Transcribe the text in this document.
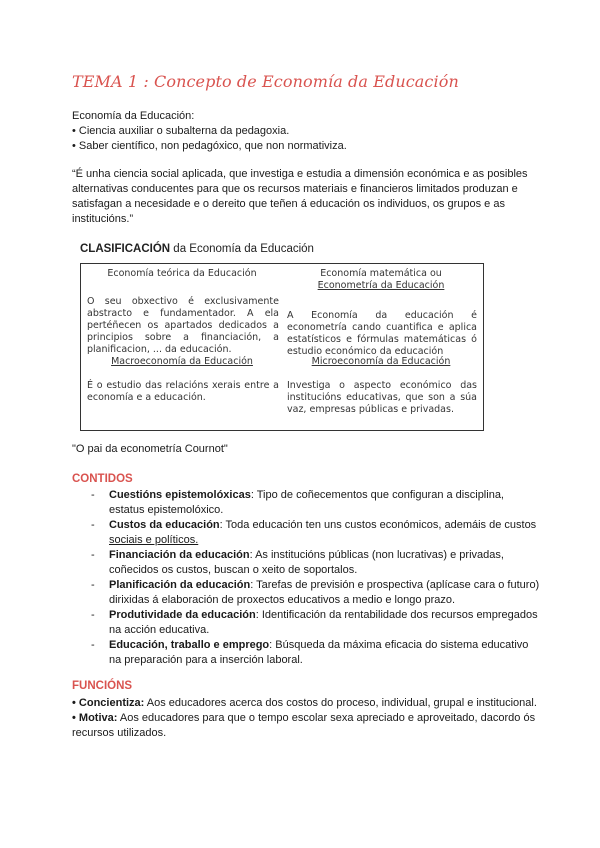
TEMA 1 : Concepto de Economía da Educación
Economía da Educación:
• Ciencia auxiliar o subalterna da pedagoxia.
• Saber científico, non pedagóxico, que non normativiza.
“É unha ciencia social aplicada, que investiga e estudia a dimensión económica e as posibles alternativas conducentes para que os recursos materiais e financieros limitados produzan e satisfagan a necesidade e o dereito que teñen á educación os individuos, os grupos e as institucións.”
CLASIFICACIÓN da Economía da Educación
Economía teórica da Educación	Economía matemática ou
Econometría da Educación
O seu obxectivo é exclusivamente abstracto e fundamentador. A ela pertéñecen os apartados dedicados a principios sobre a financiación, a planificacion, ... da educación.
A Economía da educación é econometría cando cuantifica e aplica estatísticos e fórmulas matemáticas ó estudio económico da educación
Macroeconomía da Educación	Microeconomía da Educación
É o estudio das relacións xerais entre a economía e a educación.
Investiga o aspecto económico das institucións educativas, que son a súa vaz, empresas públicas e privadas.
"O pai da econometría Cournot"
CONTIDOS
- Cuestións epistemolóxicas: Tipo de coñecementos que configuran a disciplina, estatus epistemolóxico.
- Custos da educación: Toda educación ten uns custos económicos, ademáis de custos sociais e políticos.
- Financiación da educación: As institucións públicas (non lucrativas) e privadas, coñecidos os custos, buscan o xeito de soportalos.
- Planificación da educación: Tarefas de previsión e prospectiva (aplícase cara o futuro) dirixidas á elaboración de proxectos educativos a medio e longo prazo.
- Produtividade da educación: Identificación da rentabilidade dos recursos empregados na acción educativa.
- Educación, traballo e emprego: Búsqueda da máxima eficacia do sistema educativo na preparación para a inserción laboral.
FUNCIÓNS

• Concientiza: Aos educadores acerca dos costos do proceso, individual, grupal e institucional.

• Motiva: Aos educadores para que o tempo escolar sexa apreciado e aproveitado, dacordo ós recursos utilizados.
